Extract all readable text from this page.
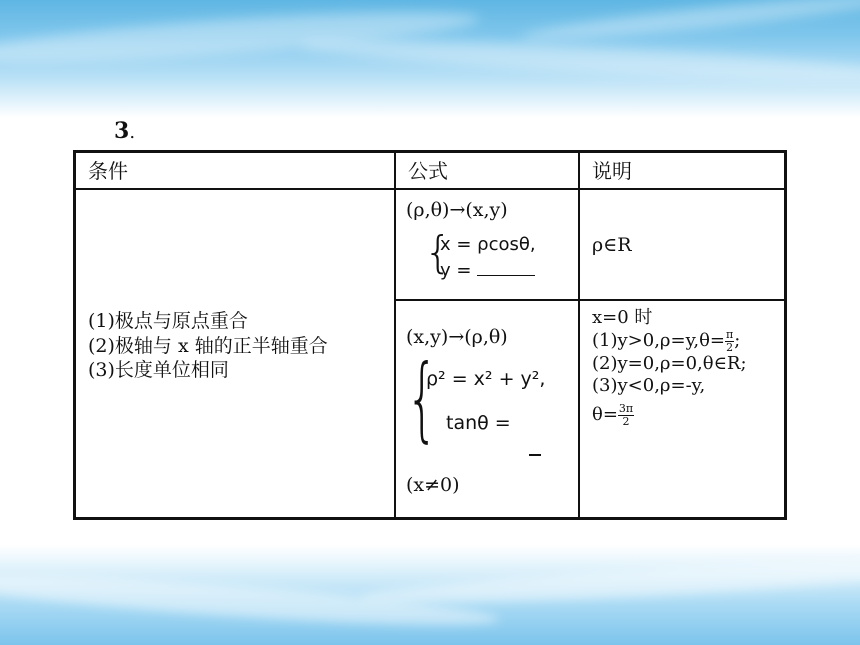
3.
条件	公式	说明
(1)极点与原点重合
(2)极轴与 x 轴的正半轴重合
(3)长度单位相同
(ρ,θ)→(x,y)
{
x = ρcosθ,
y =
ρ∈R
(x,y)→(ρ,θ)
{
ρ² = x² + y²,
tanθ =
(x≠0)
x=0 时
$(1)y>0,\rho=y,\theta= \frac{\pi}{2}$ ;
(2)y=0,ρ=0,θ∈R;
(3)y<0,ρ=-y,
$\theta= \frac{3\pi}{2}$
